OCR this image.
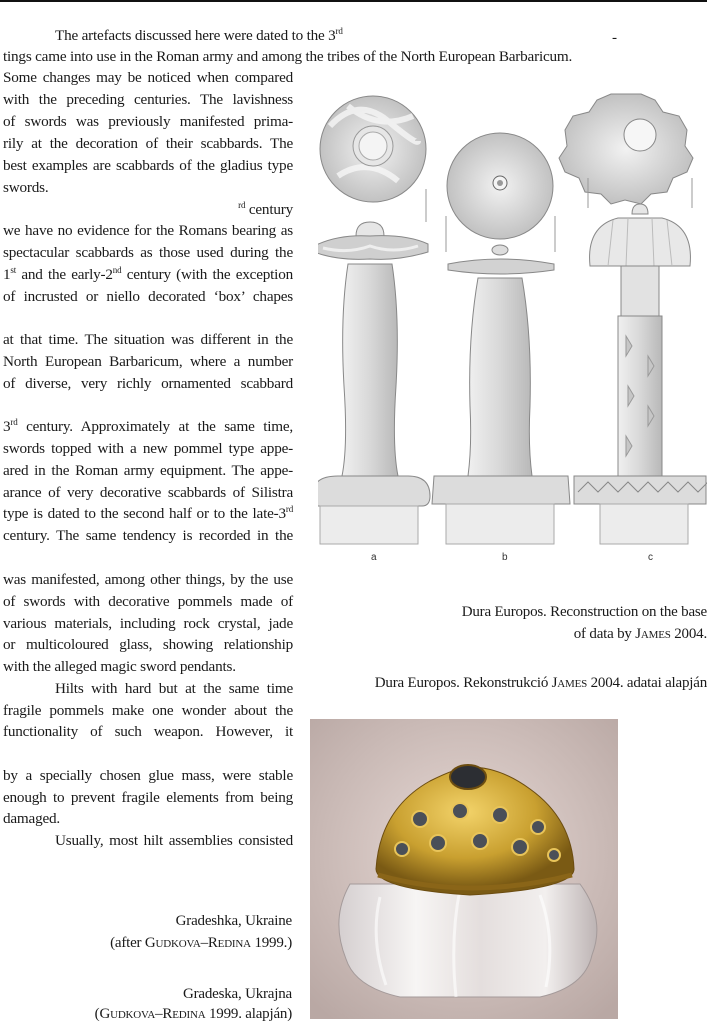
The artefacts discussed here were dated to the 3rd	-
tings came into use in the Roman army and among the tribes of the North European Barbaricum.
Some changes may be noticed when compared
with the preceding centuries. The lavishness
of swords was previously manifested prima-
rily at the decoration of their scabbards. The
best examples are scabbards of the gladius type
swords.
$^{rd}$ century
we have no evidence for the Romans bearing as
spectacular scabbards as those used during the
1st and the early-2nd century (with the exception
of incrusted or niello decorated ‘box’ chapes
at that time. The situation was different in the
North European Barbaricum, where a number
of diverse, very richly ornamented scabbard
3rd century. Approximately at the same time,
swords topped with a new pommel type appe-
ared in the Roman army equipment. The appe-
arance of very decorative scabbards of Silistra
type is dated to the second half or to the late-3rd
century. The same tendency is recorded in the
was manifested, among other things, by the use
of swords with decorative pommels made of
various materials, including rock crystal, jade
or multicoloured glass, showing relationship
with the alleged magic sword pendants.
Hilts with hard but at the same time
fragile pommels make one wonder about the
functionality of such weapon. However, it
by a specially chosen glue mass, were stable
enough to prevent fragile elements from being
damaged.
Usually, most hilt assemblies consisted
a	b	c
Dura Europos. Reconstruction on the base
of data by James 2004.
Dura Europos. Rekonstrukció James 2004. adatai alapján
Gradeshka, Ukraine
(after Gudkova–Redina 1999.)
Gradeska, Ukrajna
(Gudkova–Redina 1999. alapján)
